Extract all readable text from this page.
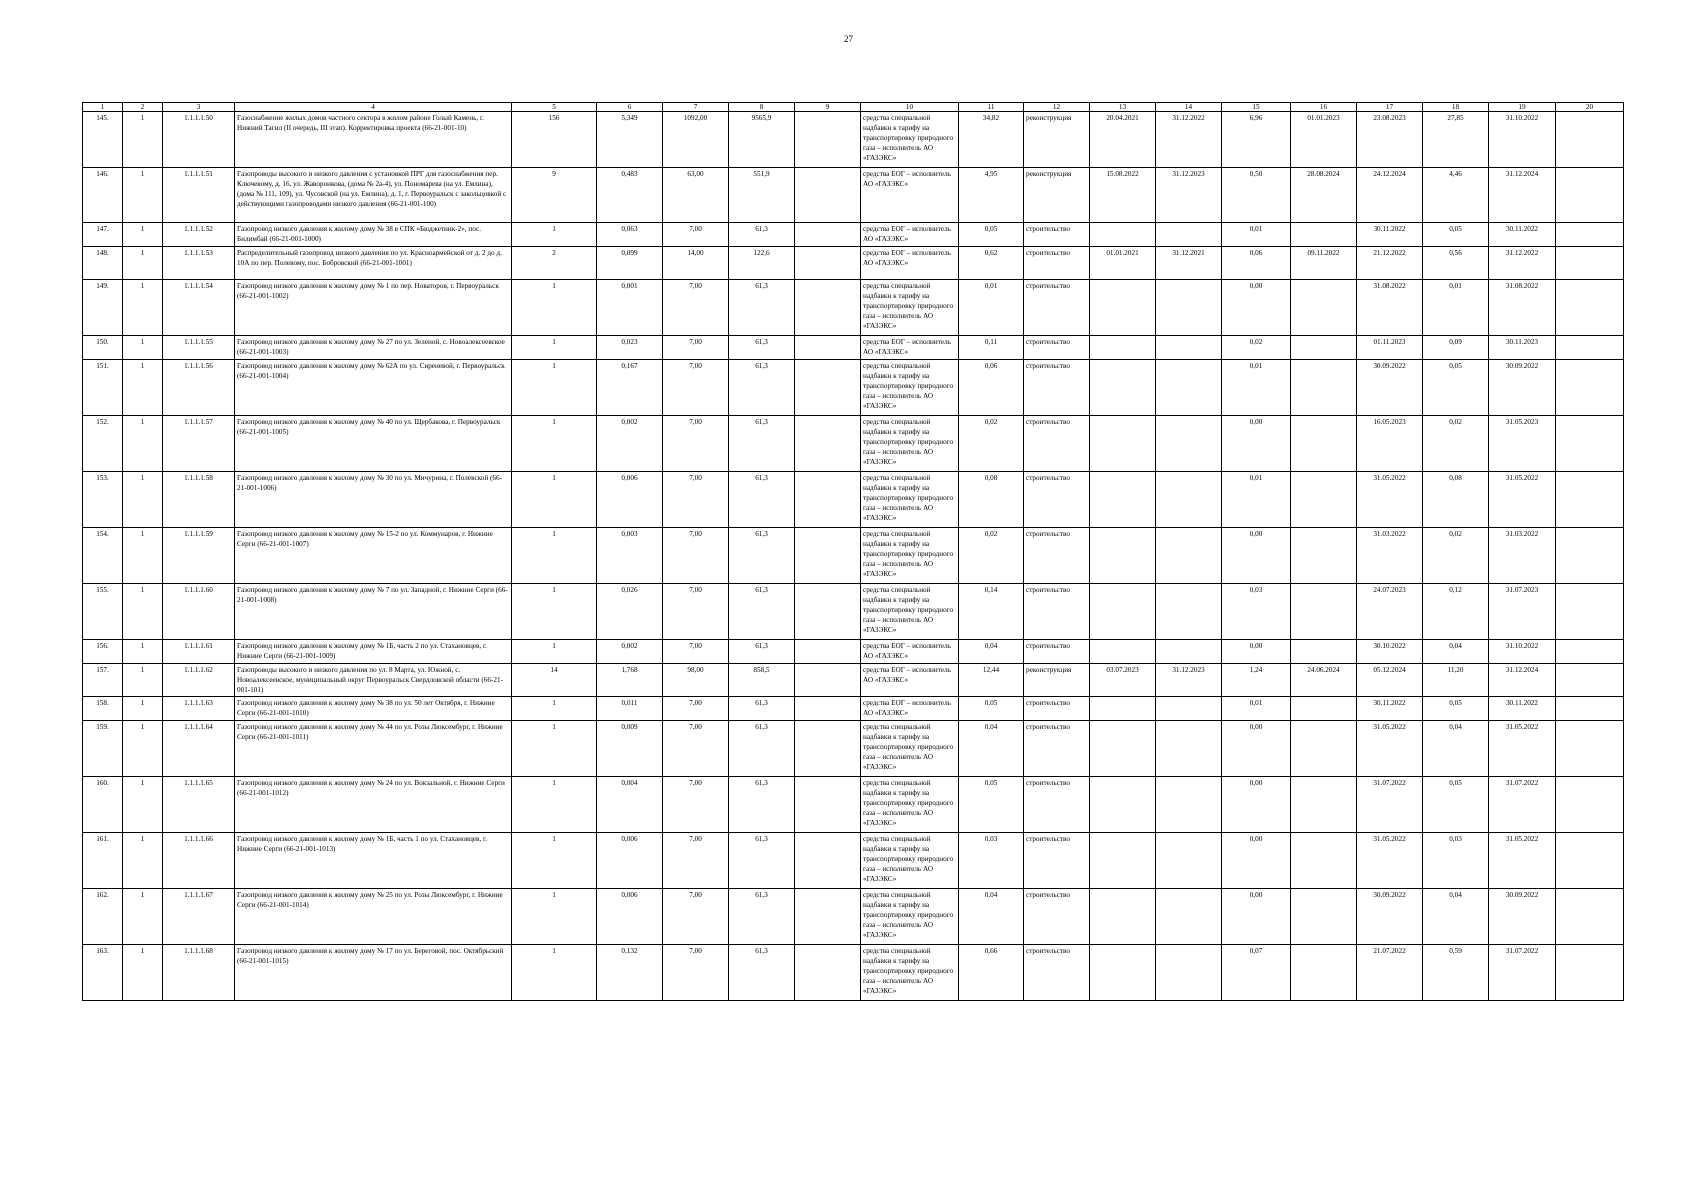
27
1	2	3	4	5	6	7	8	9	10	11	12	13	14	15	16	17	18	19	20
145.	1	1.1.1.1.50	Газоснабжение жилых домов частного сектора в жилом районе Голый Камень, г. Нижний Тагил (II очередь, III этап). Корректировка проекта (66-21-001-10)	156	5,349	1092,00	9565,9		средства специальной надбавки к тарифу на транспортировку природного газа – исполнитель АО «ГАЗЭКС»	34,82	реконструкция	20.04.2021	31.12.2022	6,96	01.01.2023	23.08.2023	27,85	31.10.2022	
146.	1	1.1.1.1.51	Газопроводы высокого и низкого давления с установкой ПРГ для газоснабжения пер. Ключевому, д. 16, ул. Жаворонкова, (дома № 2а-4), ул. Пономарева (на ул. Емлина), (дома № 111, 109), ул. Чусовской (на ул. Емлина), д. 1, г. Первоуральск с закольцовкой с действующими газопроводами низкого давления (66-21-001-100)	9	0,483	63,00	551,9		средства ЕОГ – исполнитель АО «ГАЗЭКС»	4,95	реконструкция	15.08.2022	31.12.2023	0,50	28.08.2024	24.12.2024	4,46	31.12.2024	
147.	1	1.1.1.1.52	Газопровод низкого давления к жилому дому № 38 в СПК «Бюджетник-2», пос. Билимбай (66-21-001-1000)	1	0,063	7,00	61,3		средства ЕОГ – исполнитель АО «ГАЗЭКС»	0,05	строительство			0,01		30.11.2022	0,05	30.11.2022	
148.	1	1.1.1.1.53	Распределительный газопровод низкого давления по ул. Красноармейской от д. 2 до д. 10А по пер. Полевому, пос. Бобровский (66-21-001-1001)	2	0,099	14,00	122,6		средства ЕОГ – исполнитель АО «ГАЗЭКС»	0,62	строительство	01.01.2021	31.12.2021	0,06	09.11.2022	21.12.2022	0,56	31.12.2022	
149.	1	1.1.1.1.54	Газопровод низкого давления к жилому дому № 1 по пер. Новаторов, г. Первоуральск (66-21-001-1002)	1	0,001	7,00	61,3		средства специальной надбавки к тарифу на транспортировку природного газа – исполнитель АО «ГАЗЭКС»	0,01	строительство			0,00		31.08.2022	0,01	31.08.2022	
150.	1	1.1.1.1.55	Газопровод низкого давления к жилому дому № 27 по ул. Зеленой, с. Новоалексеевское (66-21-001-1003)	1	0,023	7,00	61,3		средства ЕОГ – исполнитель АО «ГАЗЭКС»	0,11	строительство			0,02		01.11.2023	0,09	30.11.2023	
151.	1	1.1.1.1.56	Газопровод низкого давления к жилому дому № 62А по ул. Сиреневой, г. Первоуральск (66-21-001-1004)	1	0,167	7,00	61,3		средства специальной надбавки к тарифу на транспортировку природного газа – исполнитель АО «ГАЗЭКС»	0,06	строительство			0,01		30.09.2022	0,05	30.09.2022	
152.	1	1.1.1.1.57	Газопровод низкого давления к жилому дому № 40 по ул. Щербакова, г. Первоуральск (66-21-001-1005)	1	0,002	7,00	61,3		средства специальной надбавки к тарифу на транспортировку природного газа – исполнитель АО «ГАЗЭКС»	0,02	строительство			0,00		16.05.2023	0,02	31.05.2023	
153.	1	1.1.1.1.58	Газопровод низкого давления к жилому дому № 30 по ул. Мичурина, г. Полевской (66-21-001-1006)	1	0,006	7,00	61,3		средства специальной надбавки к тарифу на транспортировку природного газа – исполнитель АО «ГАЗЭКС»	0,08	строительство			0,01		31.05.2022	0,08	31.05.2022	
154.	1	1.1.1.1.59	Газопровод низкого давления к жилому дому № 15-2 по ул. Коммунаров, г. Нижние Серги (66-21-001-1007)	1	0,003	7,00	61,3		средства специальной надбавки к тарифу на транспортировку природного газа – исполнитель АО «ГАЗЭКС»	0,02	строительство			0,00		31.03.2022	0,02	31.03.2022	
155.	1	1.1.1.1.60	Газопровод низкого давления к жилому дому № 7 по ул. Западной, г. Нижние Серги (66-21-001-1008)	1	0,026	7,00	61,3		средства специальной надбавки к тарифу на транспортировку природного газа – исполнитель АО «ГАЗЭКС»	0,14	строительство			0,03		24.07.2023	0,12	31.07.2023	
156.	1	1.1.1.1.61	Газопровод низкого давления к жилому дому № 1Б, часть 2 по ул. Стахановцев, г. Нижние Серги (66-21-001-1009)	1	0,002	7,00	61,3		средства ЕОГ – исполнитель АО «ГАЗЭКС»	0,04	строительство			0,00		30.10.2022	0,04	31.10.2022	
157.	1	1.1.1.1.62	Газопроводы высокого и низкого давления по ул. 8 Марта, ул. Южной, с. Новоалексеевское, муниципальный округ Первоуральск Свердловской области (66-21-001-101)	14	1,768	98,00	858,5		средства ЕОГ – исполнитель АО «ГАЗЭКС»	12,44	реконструкция	03.07.2023	31.12.2023	1,24	24.06.2024	05.12.2024	11,20	31.12.2024	
158.	1	1.1.1.1.63	Газопровод низкого давления к жилому дому № 38 по ул. 50 лет Октября, г. Нижние Серги (66-21-001-1010)	1	0,011	7,00	61,3		средства ЕОГ – исполнитель АО «ГАЗЭКС»	0,05	строительство			0,01		30.11.2022	0,05	30.11.2022	
159.	1	1.1.1.1.64	Газопровод низкого давления к жилому дому № 44 по ул. Розы Люксембург, г. Нижние Серги (66-21-001-1011)	1	0,009	7,00	61,3		средства специальной надбавки к тарифу на транспортировку природного газа – исполнитель АО «ГАЗЭКС»	0,04	строительство			0,00		31.05.2022	0,04	31.05.2022	
160.	1	1.1.1.1.65	Газопровод низкого давления к жилому дому № 24 по ул. Вокзальной, г. Нижние Серги (66-21-001-1012)	1	0,004	7,00	61,3		средства специальной надбавки к тарифу на транспортировку природного газа – исполнитель АО «ГАЗЭКС»	0,05	строительство			0,00		31.07.2022	0,05	31.07.2022	
161.	1	1.1.1.1.66	Газопровод низкого давления к жилому дому № 1Б, часть 1 по ул. Стахановцев, г. Нижние Серги (66-21-001-1013)	1	0,006	7,00	61,3		средства специальной надбавки к тарифу на транспортировку природного газа – исполнитель АО «ГАЗЭКС»	0,03	строительство			0,00		31.05.2022	0,03	31.05.2022	
162.	1	1.1.1.1.67	Газопровод низкого давления к жилому дому № 25 по ул. Розы Люксембург, г. Нижние Серги (66-21-001-1014)	1	0,006	7,00	61,3		средства специальной надбавки к тарифу на транспортировку природного газа – исполнитель АО «ГАЗЭКС»	0,04	строительство			0,00		30.09.2022	0,04	30.09.2022	
163.	1	1.1.1.1.68	Газопровод низкого давления к жилому дому № 17 по ул. Береговой, пос. Октябрьский (66-21-001-1015)	1	0,132	7,00	61,3		средства специальной надбавки к тарифу на транспортировку природного газа – исполнитель АО «ГАЗЭКС»	0,66	строительство			0,07		21.07.2022	0,59	31.07.2022	
